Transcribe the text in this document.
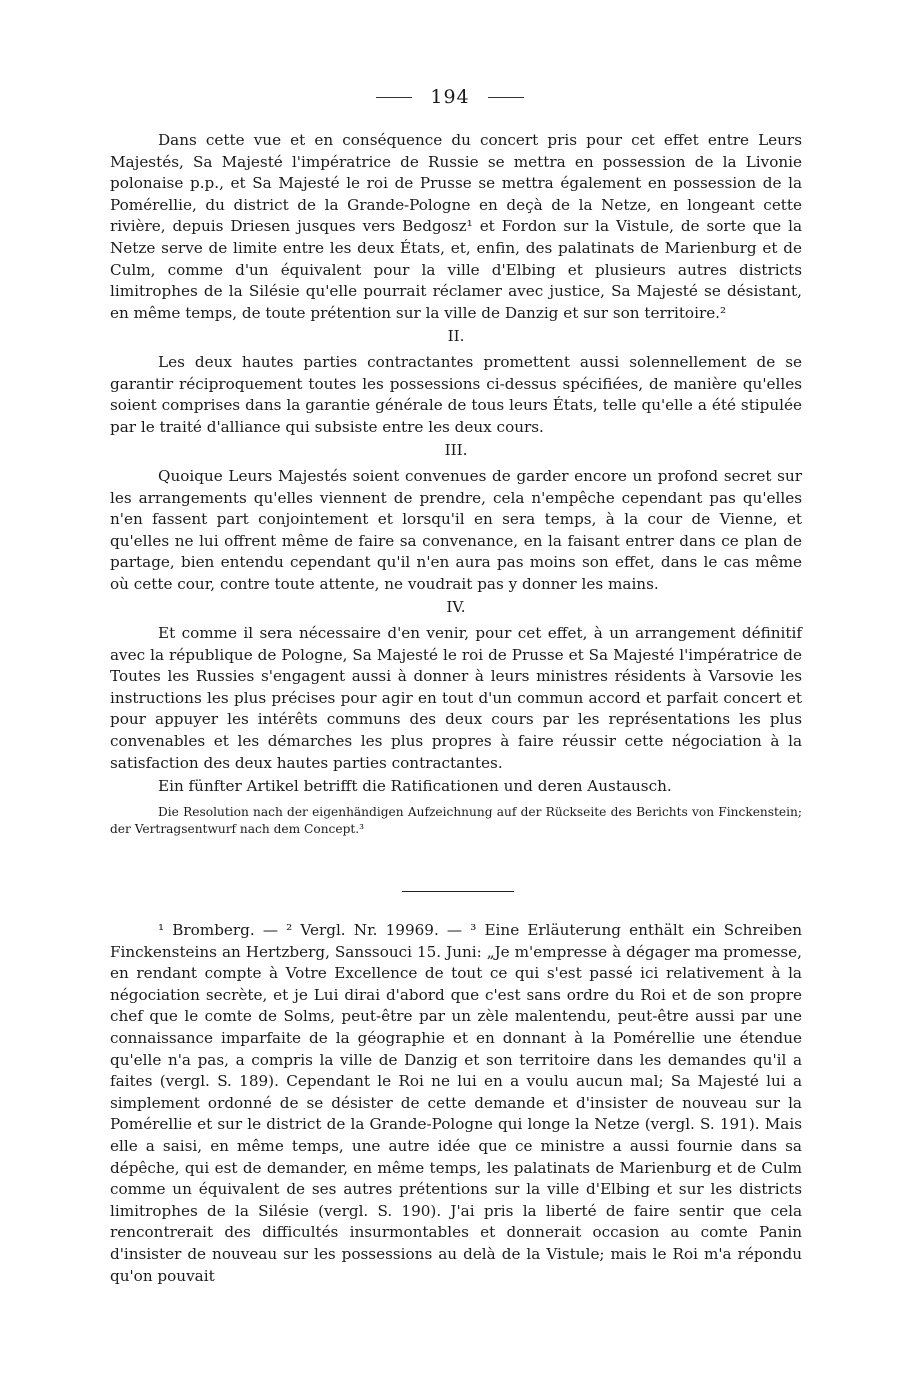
194

Dans cette vue et en conséquence du concert pris pour cet effet entre Leurs Majestés, Sa Majesté l'impératrice de Russie se mettra en possession de la Livonie polonaise p.p., et Sa Majesté le roi de Prusse se mettra également en possession de la Pomérellie, du district de la Grande-Pologne en deçà de la Netze, en longeant cette rivière, depuis Driesen jusques vers Bedgosz¹ et Fordon sur la Vistule, de sorte que la Netze serve de limite entre les deux États, et, enfin, des palatinats de Marienburg et de Culm, comme d'un équivalent pour la ville d'Elbing et plusieurs autres districts limitrophes de la Silésie qu'elle pourrait réclamer avec justice, Sa Majesté se désistant, en même temps, de toute prétention sur la ville de Danzig et sur son territoire.²

II.

Les deux hautes parties contractantes promettent aussi solennellement de se garantir réciproquement toutes les possessions ci-dessus spécifiées, de manière qu'elles soient comprises dans la garantie générale de tous leurs États, telle qu'elle a été stipulée par le traité d'alliance qui subsiste entre les deux cours.

III.

Quoique Leurs Majestés soient convenues de garder encore un profond secret sur les arrangements qu'elles viennent de prendre, cela n'empêche cependant pas qu'elles n'en fassent part conjointement et lorsqu'il en sera temps, à la cour de Vienne, et qu'elles ne lui offrent même de faire sa convenance, en la faisant entrer dans ce plan de partage, bien entendu cependant qu'il n'en aura pas moins son effet, dans le cas même où cette cour, contre toute attente, ne voudrait pas y donner les mains.

IV.

Et comme il sera nécessaire d'en venir, pour cet effet, à un arrangement définitif avec la république de Pologne, Sa Majesté le roi de Prusse et Sa Majesté l'impératrice de Toutes les Russies s'engagent aussi à donner à leurs ministres résidents à Varsovie les instructions les plus précises pour agir en tout d'un commun accord et parfait concert et pour appuyer les intérêts communs des deux cours par les représentations les plus convenables et les démarches les plus propres à faire réussir cette négociation à la satisfaction des deux hautes parties contractantes.

Ein fünfter Artikel betrifft die Ratificationen und deren Austausch.

Die Resolution nach der eigenhändigen Aufzeichnung auf der Rückseite des Berichts von Finckenstein; der Vertragsentwurf nach dem Concept.³

¹ Bromberg. — ² Vergl. Nr. 19969. — ³ Eine Erläuterung enthält ein Schreiben Finckensteins an Hertzberg, Sanssouci 15. Juni: „Je m'empresse à dégager ma promesse, en rendant compte à Votre Excellence de tout ce qui s'est passé ici relativement à la négociation secrète, et je Lui dirai d'abord que c'est sans ordre du Roi et de son propre chef que le comte de Solms, peut-être par un zèle malentendu, peut-être aussi par une connaissance imparfaite de la géographie et en donnant à la Pomérellie une étendue qu'elle n'a pas, a compris la ville de Danzig et son territoire dans les demandes qu'il a faites (vergl. S. 189). Cependant le Roi ne lui en a voulu aucun mal; Sa Majesté lui a simplement ordonné de se désister de cette demande et d'insister de nouveau sur la Pomérellie et sur le district de la Grande-Pologne qui longe la Netze (vergl. S. 191). Mais elle a saisi, en même temps, une autre idée que ce ministre a aussi fournie dans sa dépêche, qui est de demander, en même temps, les palatinats de Marienburg et de Culm comme un équivalent de ses autres prétentions sur la ville d'Elbing et sur les districts limitrophes de la Silésie (vergl. S. 190). J'ai pris la liberté de faire sentir que cela rencontrerait des difficultés insurmontables et donnerait occasion au comte Panin d'insister de nouveau sur les possessions au delà de la Vistule; mais le Roi m'a répondu qu'on pouvait
